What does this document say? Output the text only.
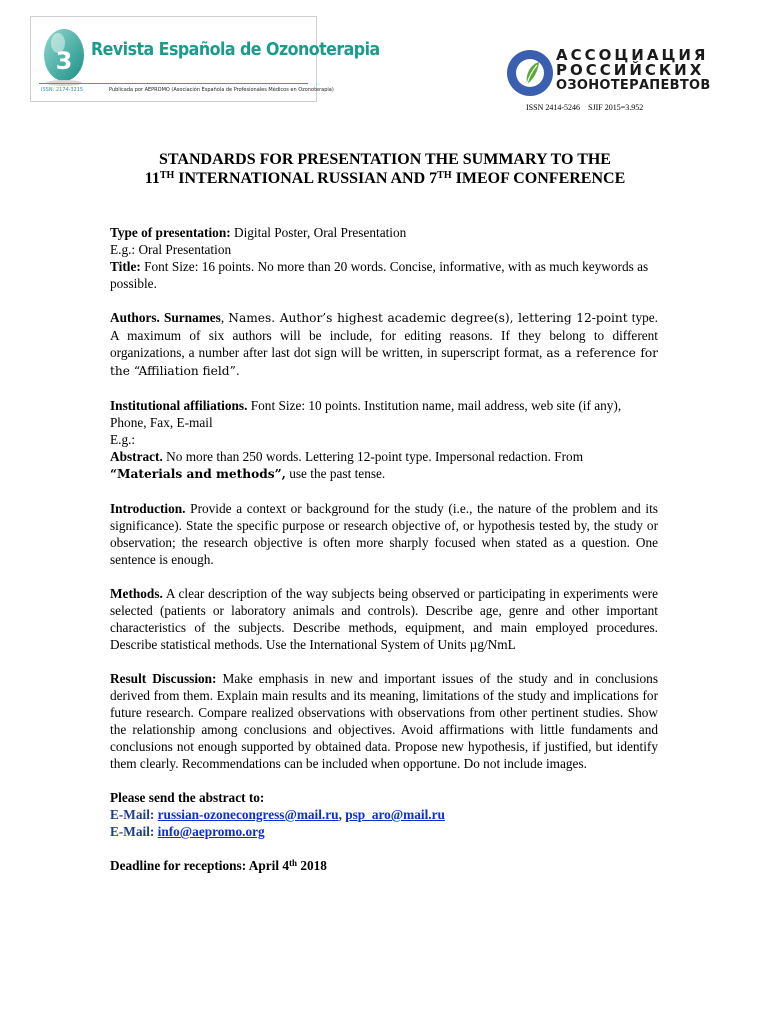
3 Revista Española de Ozonoterapia
ISSN: 2174-3215	Publicada por AEPROMO (Asociación Española de Profesionales Médicos en Ozonoterapia)
АССОЦИАЦИЯ
РОССИЙСКИХ
ОЗОНОТЕРАПЕВТОВ
ISSN 2414-5246 SJIF 2015=3.952
STANDARDS FOR PRESENTATION THE SUMMARY TO THE
11TH INTERNATIONAL RUSSIAN AND 7TH IMEOF CONFERENCE

Type of presentation: Digital Poster, Oral Presentation

E.g.: Oral Presentation

Title: Font Size: 16 points. No more than 20 words. Concise, informative, with as much keywords as possible.

Authors. Surnames, Names. Author’s highest academic degree(s), lettering 12-point type. A maximum of six authors will be include, for editing reasons. If they belong to different organizations, a number after last dot sign will be written, in superscript format, as a reference for the “Affiliation field”.

Institutional affiliations. Font Size: 10 points. Institution name, mail address, web site (if any), Phone, Fax, E-mail

E.g.:

Abstract. No more than 250 words. Lettering 12-point type. Impersonal redaction. From “Materials and methods”, use the past tense.

Introduction. Provide a context or background for the study (i.e., the nature of the problem and its significance). State the specific purpose or research objective of, or hypothesis tested by, the study or observation; the research objective is often more sharply focused when stated as a question. One sentence is enough.

Methods. A clear description of the way subjects being observed or participating in experiments were selected (patients or laboratory animals and controls). Describe age, genre and other important characteristics of the subjects. Describe methods, equipment, and main employed procedures. Describe statistical methods. Use the International System of Units µg/NmL

Result Discussion: Make emphasis in new and important issues of the study and in conclusions derived from them. Explain main results and its meaning, limitations of the study and implications for future research. Compare realized observations with observations from other pertinent studies. Show the relationship among conclusions and objectives. Avoid affirmations with little fundaments and conclusions not enough supported by obtained data. Propose new hypothesis, if justified, but identify them clearly. Recommendations can be included when opportune. Do not include images.

Please send the abstract to:

E-Mail: russian-ozonecongress@mail.ru, psp_aro@mail.ru

E-Mail: info@aepromo.org

Deadline for receptions: April 4th 2018
